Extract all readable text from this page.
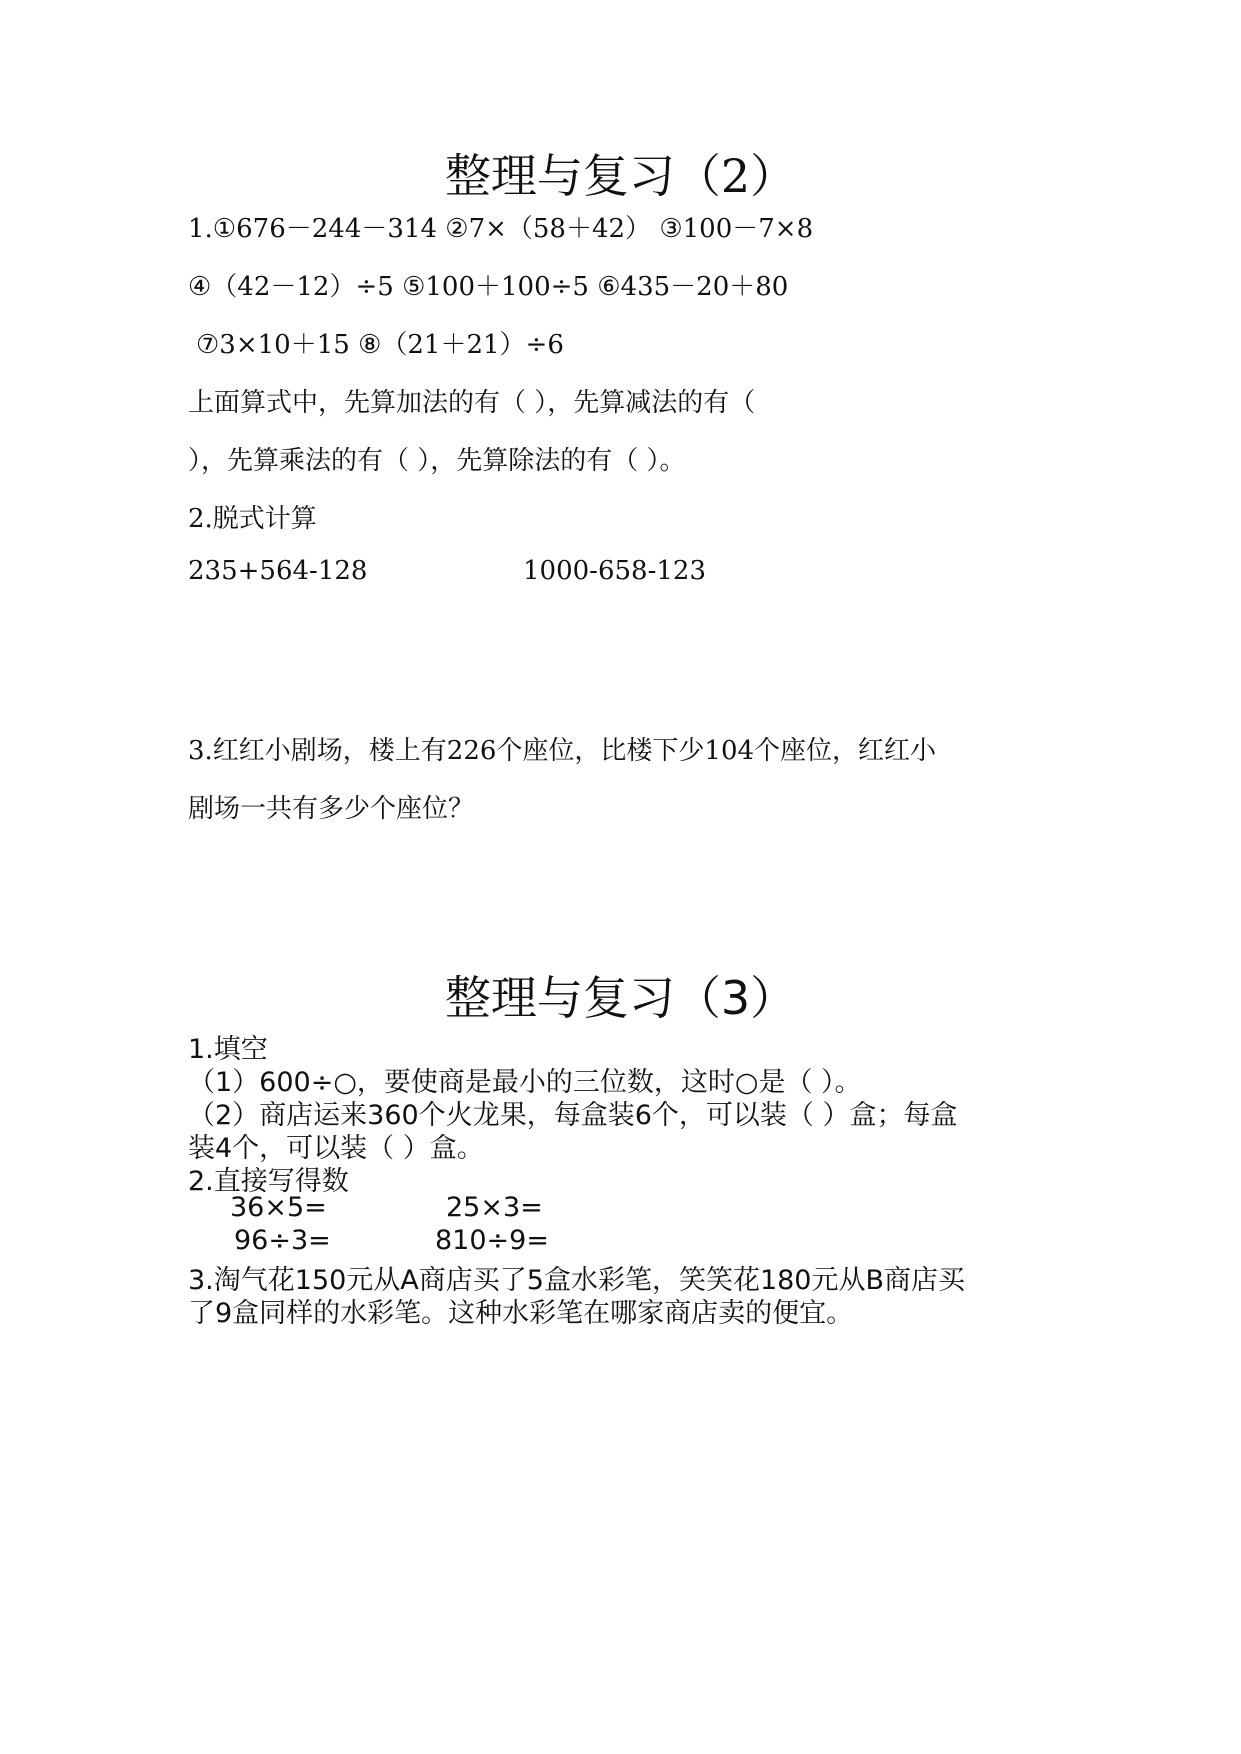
整理与复习（2）
1.①676－244－314 ②7×（58＋42） ③100－7×8
④（42－12）÷5 ⑤100＋100÷5 ⑥435－20＋80
⑦3×10＋15 ⑧（21＋21）÷6
上面算式中，先算加法的有（ ），先算减法的有（
），先算乘法的有（ ），先算除法的有（ ）。
2.脱式计算
235+564-128	1000-658-123
3.红红小剧场，楼上有226个座位，比楼下少104个座位，红红小
剧场一共有多少个座位？
整理与复习（3）
1.填空
（1）600÷○，要使商是最小的三位数，这时○是（ ）。
（2）商店运来360个火龙果，每盒装6个，可以装（ ）盒；每盒
装4个，可以装（ ）盒。
2.直接写得数
36×5=	25×3=
96÷3=	810÷9=
3.淘气花150元从A商店买了5盒水彩笔，笑笑花180元从B商店买
了9盒同样的水彩笔。这种水彩笔在哪家商店卖的便宜。
